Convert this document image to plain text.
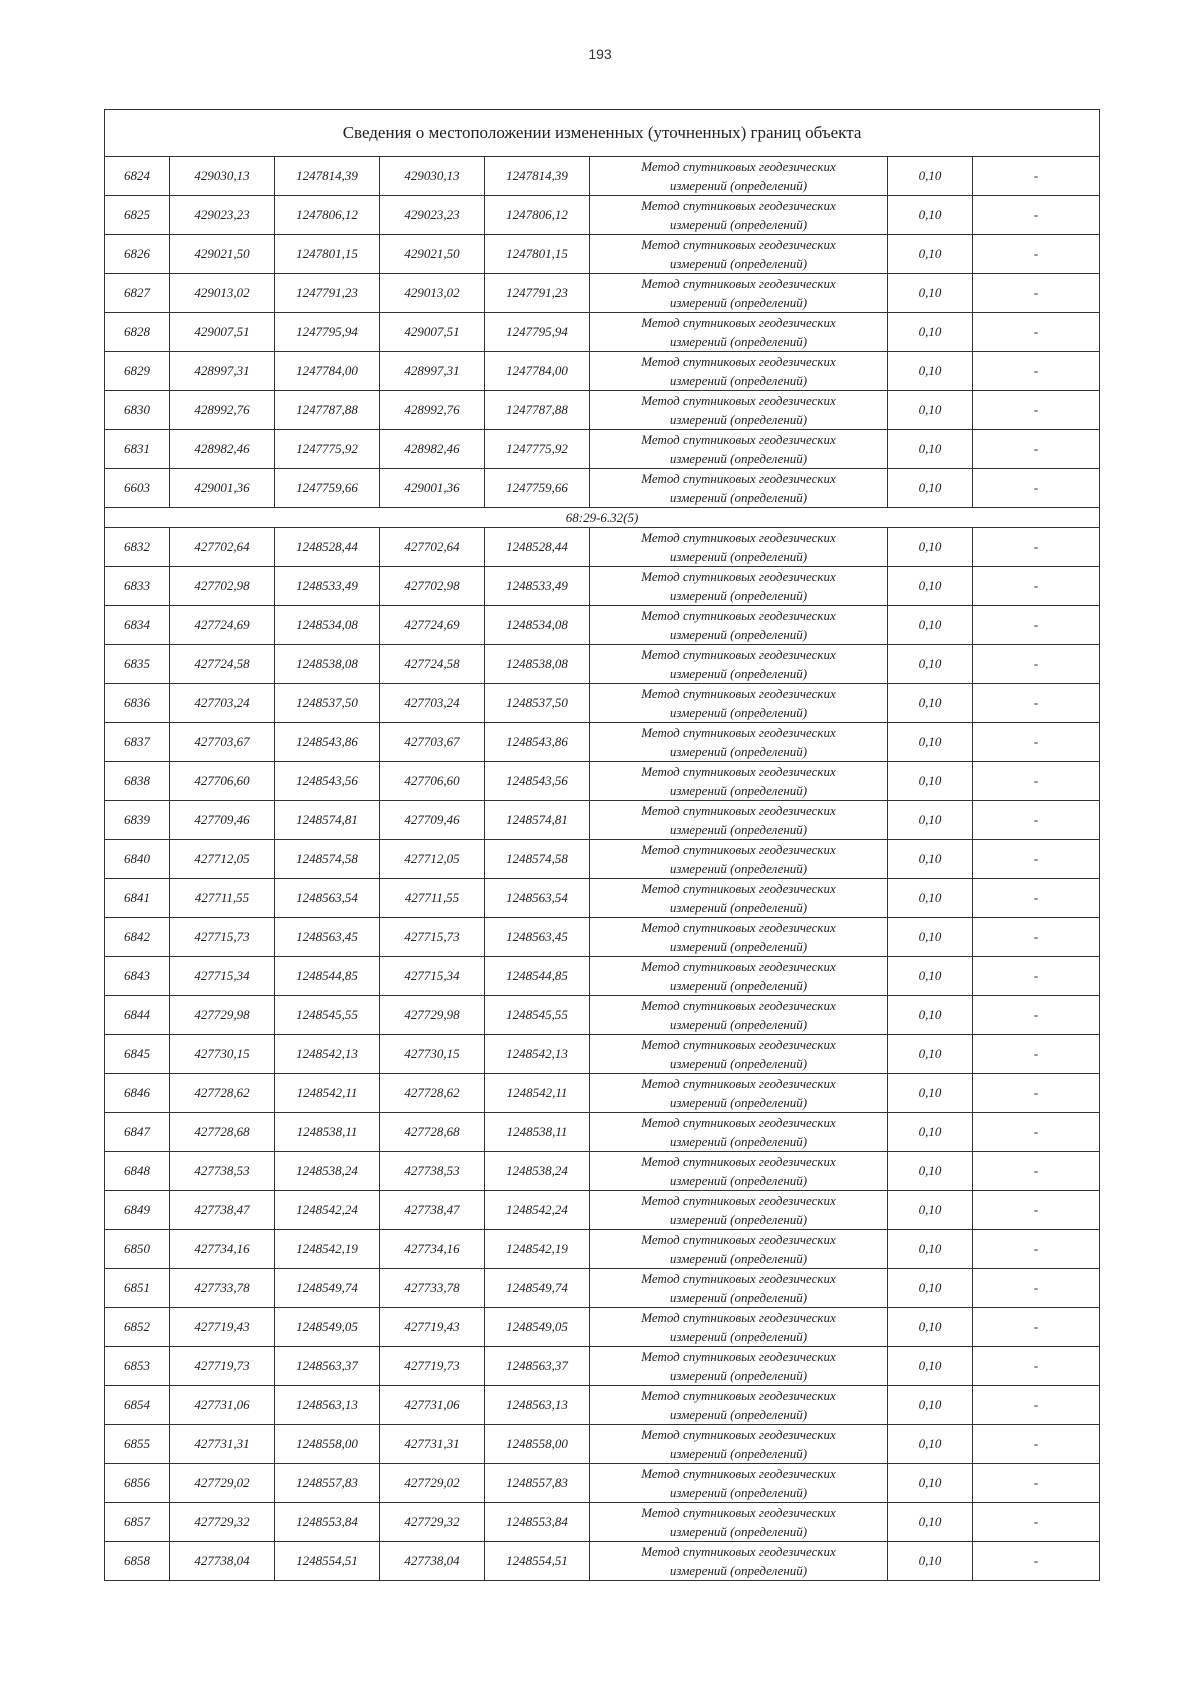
193
Сведения о местоположении измененных (уточненных) границ объекта							
6824	429030,13	1247814,39	429030,13	1247814,39	Метод спутниковых геодезических
измерений (определений)	0,10	-
6825	429023,23	1247806,12	429023,23	1247806,12	Метод спутниковых геодезических
измерений (определений)	0,10	-
6826	429021,50	1247801,15	429021,50	1247801,15	Метод спутниковых геодезических
измерений (определений)	0,10	-
6827	429013,02	1247791,23	429013,02	1247791,23	Метод спутниковых геодезических
измерений (определений)	0,10	-
6828	429007,51	1247795,94	429007,51	1247795,94	Метод спутниковых геодезических
измерений (определений)	0,10	-
6829	428997,31	1247784,00	428997,31	1247784,00	Метод спутниковых геодезических
измерений (определений)	0,10	-
6830	428992,76	1247787,88	428992,76	1247787,88	Метод спутниковых геодезических
измерений (определений)	0,10	-
6831	428982,46	1247775,92	428982,46	1247775,92	Метод спутниковых геодезических
измерений (определений)	0,10	-
6603	429001,36	1247759,66	429001,36	1247759,66	Метод спутниковых геодезических
измерений (определений)	0,10	-
68:29-6.32(5)							
6832	427702,64	1248528,44	427702,64	1248528,44	Метод спутниковых геодезических
измерений (определений)	0,10	-
6833	427702,98	1248533,49	427702,98	1248533,49	Метод спутниковых геодезических
измерений (определений)	0,10	-
6834	427724,69	1248534,08	427724,69	1248534,08	Метод спутниковых геодезических
измерений (определений)	0,10	-
6835	427724,58	1248538,08	427724,58	1248538,08	Метод спутниковых геодезических
измерений (определений)	0,10	-
6836	427703,24	1248537,50	427703,24	1248537,50	Метод спутниковых геодезических
измерений (определений)	0,10	-
6837	427703,67	1248543,86	427703,67	1248543,86	Метод спутниковых геодезических
измерений (определений)	0,10	-
6838	427706,60	1248543,56	427706,60	1248543,56	Метод спутниковых геодезических
измерений (определений)	0,10	-
6839	427709,46	1248574,81	427709,46	1248574,81	Метод спутниковых геодезических
измерений (определений)	0,10	-
6840	427712,05	1248574,58	427712,05	1248574,58	Метод спутниковых геодезических
измерений (определений)	0,10	-
6841	427711,55	1248563,54	427711,55	1248563,54	Метод спутниковых геодезических
измерений (определений)	0,10	-
6842	427715,73	1248563,45	427715,73	1248563,45	Метод спутниковых геодезических
измерений (определений)	0,10	-
6843	427715,34	1248544,85	427715,34	1248544,85	Метод спутниковых геодезических
измерений (определений)	0,10	-
6844	427729,98	1248545,55	427729,98	1248545,55	Метод спутниковых геодезических
измерений (определений)	0,10	-
6845	427730,15	1248542,13	427730,15	1248542,13	Метод спутниковых геодезических
измерений (определений)	0,10	-
6846	427728,62	1248542,11	427728,62	1248542,11	Метод спутниковых геодезических
измерений (определений)	0,10	-
6847	427728,68	1248538,11	427728,68	1248538,11	Метод спутниковых геодезических
измерений (определений)	0,10	-
6848	427738,53	1248538,24	427738,53	1248538,24	Метод спутниковых геодезических
измерений (определений)	0,10	-
6849	427738,47	1248542,24	427738,47	1248542,24	Метод спутниковых геодезических
измерений (определений)	0,10	-
6850	427734,16	1248542,19	427734,16	1248542,19	Метод спутниковых геодезических
измерений (определений)	0,10	-
6851	427733,78	1248549,74	427733,78	1248549,74	Метод спутниковых геодезических
измерений (определений)	0,10	-
6852	427719,43	1248549,05	427719,43	1248549,05	Метод спутниковых геодезических
измерений (определений)	0,10	-
6853	427719,73	1248563,37	427719,73	1248563,37	Метод спутниковых геодезических
измерений (определений)	0,10	-
6854	427731,06	1248563,13	427731,06	1248563,13	Метод спутниковых геодезических
измерений (определений)	0,10	-
6855	427731,31	1248558,00	427731,31	1248558,00	Метод спутниковых геодезических
измерений (определений)	0,10	-
6856	427729,02	1248557,83	427729,02	1248557,83	Метод спутниковых геодезических
измерений (определений)	0,10	-
6857	427729,32	1248553,84	427729,32	1248553,84	Метод спутниковых геодезических
измерений (определений)	0,10	-
6858	427738,04	1248554,51	427738,04	1248554,51	Метод спутниковых геодезических
измерений (определений)	0,10	-
